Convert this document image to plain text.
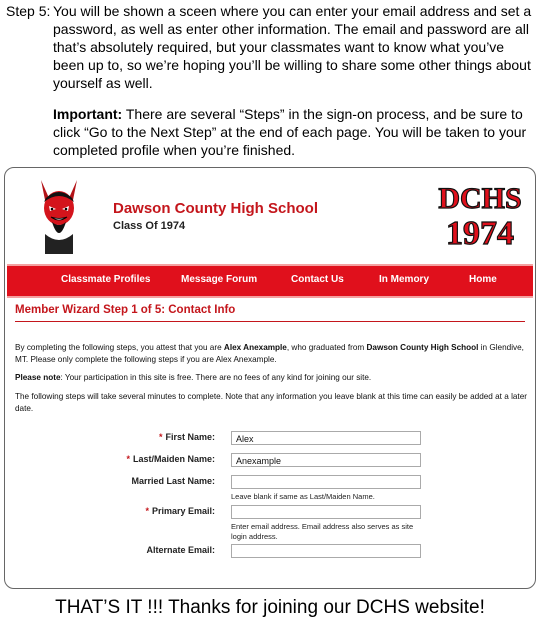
Step 5: You will be shown a sceen where you can enter your email address and set a password, as well as enter other information. The email and password are all that’s absolutely required, but your classmates want to know what you’ve been up to, so we’re hoping you’ll be willing to share some other things about yourself as well.
Important: There are several “Steps” in the sign-on process, and be sure to click “Go to the Next Step” at the end of each page. You will be taken to your completed profile when you’re finished.
Dawson County High School
Class Of 1974
DCHS
1974
Classmate Profiles	Message Forum	Contact Us	In Memory	Home
Member Wizard Step 1 of 5: Contact Info
By completing the following steps, you attest that you are Alex Anexample, who graduated from Dawson County High School in Glendive, MT. Please only complete the following steps if you are Alex Anexample.
Please note: Your participation in this site is free. There are no fees of any kind for joining our site.
The following steps will take several minutes to complete. Note that any information you leave blank at this time can easily be added at a later date.
* First Name:	Alex
* Last/Maiden Name:	Anexample
Married Last Name:
Leave blank if same as Last/Maiden Name.
* Primary Email:
Enter email address. Email address also serves as site login address.
Alternate Email:
THAT’S IT !!! Thanks for joining our DCHS website!
